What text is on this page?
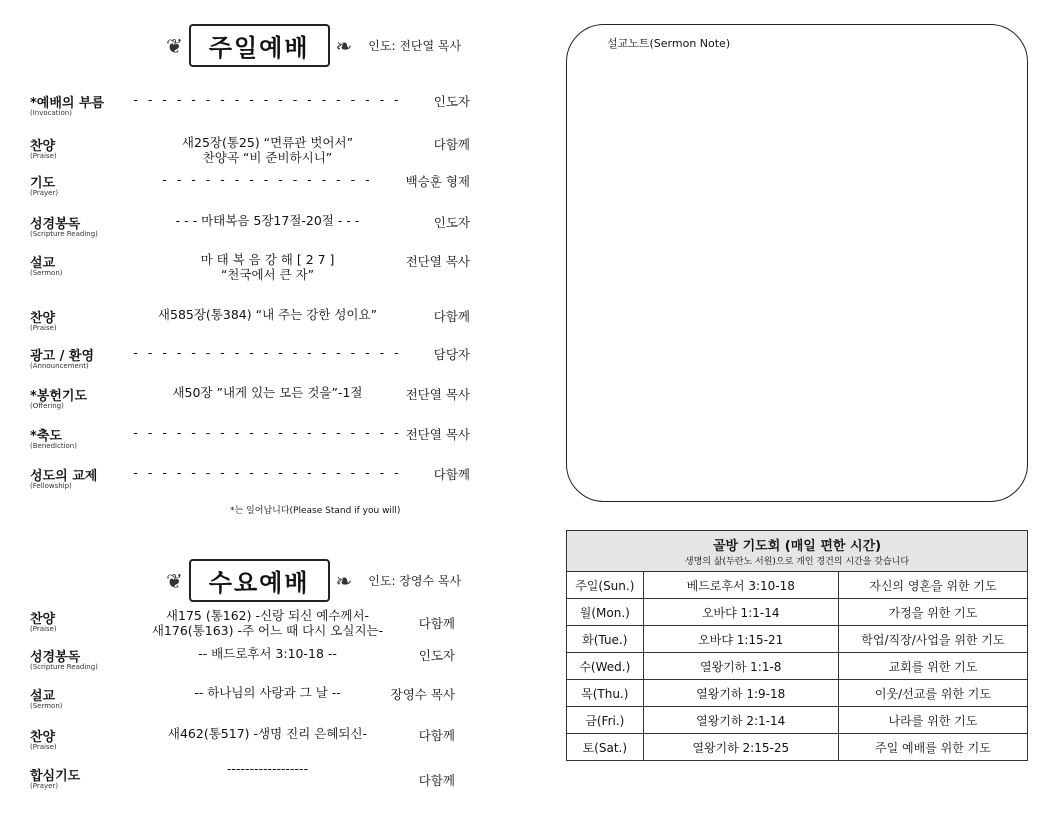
❦	주일예배	❧ 인도: 전단열 목사
*예배의 부름
(Invocation)
- - - - - - - - - - - - - - - - - - -	인도자
찬양
(Praise)
새25장(통25) “면류관 벗어서”
찬양곡 “비 준비하시니”
다함께
기도
(Prayer)
- - - - - - - - - - - - - - -	백승훈 형제
성경봉독
(Scripture Reading)
- - - 마태복음 5장17절-20절 - - -	인도자
설교
(Sermon)
마 태 복 음 강 해 [ 2 7 ]
“천국에서 큰 자”
전단열 목사
찬양
(Praise)
새585장(통384) “내 주는 강한 성이요”	다함께
광고 / 환영
(Announcement)
- - - - - - - - - - - - - - - - - - -	담당자
*봉헌기도
(Offering)
새50장 ”내게 있는 모든 것을”-1절	전단열 목사
*축도
(Benediction)
- - - - - - - - - - - - - - - - - - - 전단열 목사
성도의 교제
(Fellowship)
- - - - - - - - - - - - - - - - - - -	다함께
*는 일어납니다(Please Stand if you will)
❦	수요예배	❧ 인도: 장영수 목사
찬양
(Praise)
새175 (통162) -신랑 되신 예수께서-
새176(통163) -주 어느 때 다시 오실지는-	다함께
성경봉독
(Scripture Reading)
-- 배드로후서 3:10-18 --	인도자
설교
(Sermon)
-- 하나님의 사랑과 그 날 --	장영수 목사
찬양
(Praise)
새462(통517) -생명 진리 은혜되신-	다함께
합심기도
(Prayer)
------------------
다함께
설교노트(Sermon Note)
골방 기도회 (매일 편한 시간)
생명의 삶(두란노 서원)으로 개인 경건의 시간을 갖습니다		

주일(Sun.)	베드로후서 3:10-18	자신의 영혼을 위한 기도
월(Mon.)	오바댜 1:1-14	가정을 위한 기도
화(Tue.)	오바댜 1:15-21	학업/직장/사업을 위한 기도
수(Wed.)	열왕기하 1:1-8	교회를 위한 기도
목(Thu.)	열왕기하 1:9-18	이웃/선교를 위한 기도
금(Fri.)	열왕기하 2:1-14	나라를 위한 기도
토(Sat.)	열왕기하 2:15-25	주일 예배를 위한 기도
